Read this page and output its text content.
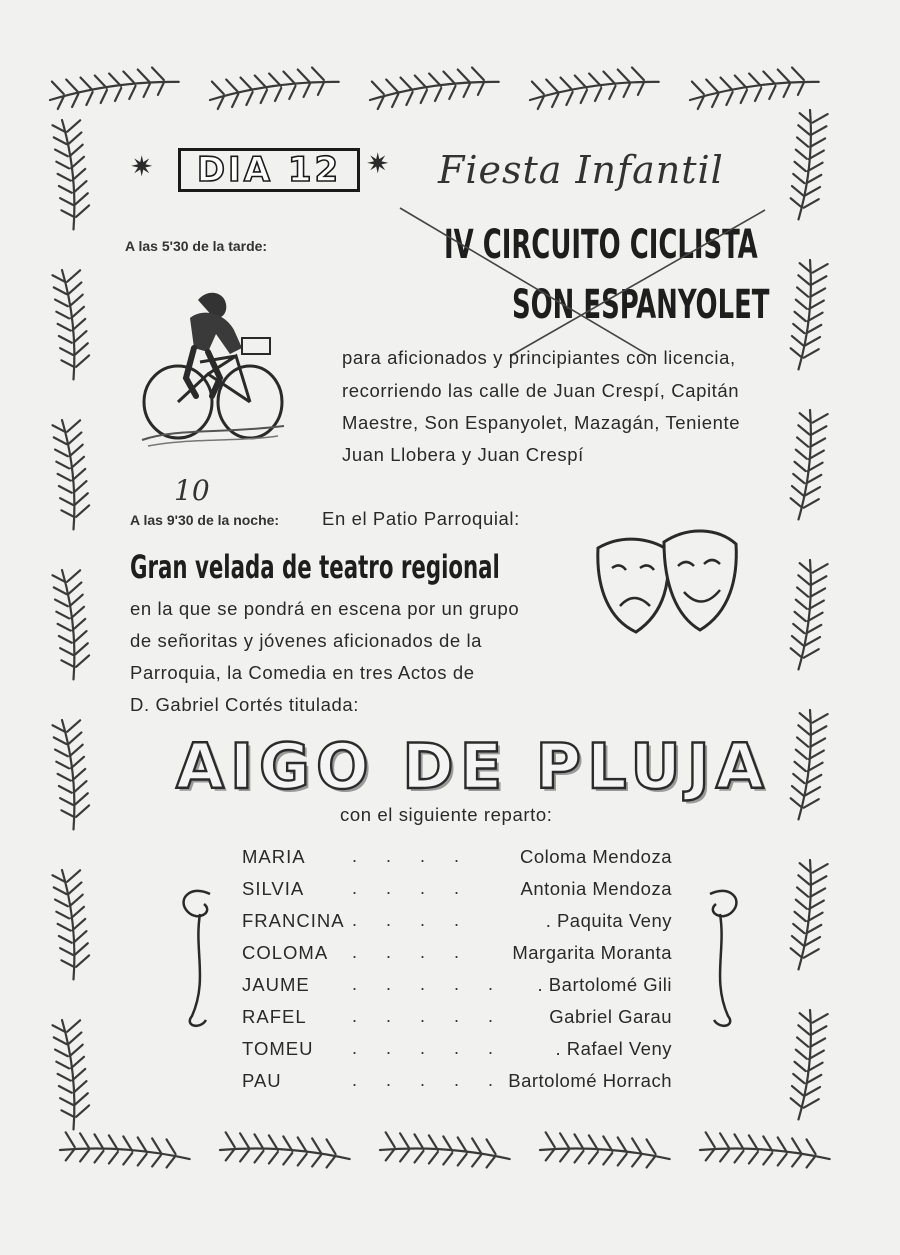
✷ DIA 12 ✷ Fiesta Infantil
A las 5'30 de la tarde:	IV CIRCUITO CICLISTA
SON ESPANYOLET
para aficionados y principiantes con licencia,
recorriendo las calle de Juan Crespí, Capitán
Maestre, Son Espanyolet, Mazagán, Teniente
Juan Llobera y Juan Crespí
10
A las 9'30 de la noche: En el Patio Parroquial:
Gran velada de teatro regional
en la que se pondrá en escena por un grupo
de señoritas y jóvenes aficionados de la
Parroquia, la Comedia en tres Actos de
D. Gabriel Cortés titulada:
AIGO DE PLUJA
con el siguiente reparto:
MARIA	. . . .	Coloma Mendoza
SILVIA	. . . .	Antonia Mendoza
FRANCINA . . . .	. Paquita Veny
COLOMA . . . . Margarita Moranta
JAUME . . . . . . Bartolomé Gili
RAFEL	. . . . . Gabriel Garau
TOMEU . . . . .	. Rafael Veny
PAU	. . . . . Bartolomé Horrach
